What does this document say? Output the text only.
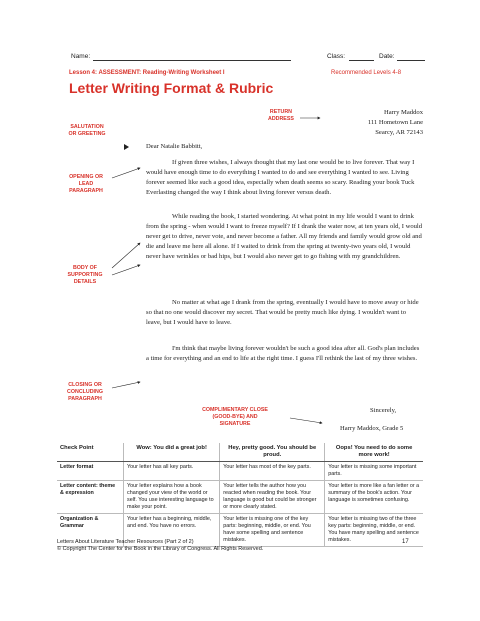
Name:	Class:	Date:
Lesson 4: ASSESSMENT: Reading-Writing Worksheet I	Recommended Levels 4-8
Letter Writing Format & Rubric
RETURN
ADDRESS
SALUTATION
OR GREETING
OPENING OR
LEAD
PARAGRAPH
BODY OF
SUPPORTING
DETAILS
CLOSING OR
CONCLUDING
PARAGRAPH
COMPLIMENTARY CLOSE
(GOOD-BYE) AND
SIGNATURE
Harry Maddox
111 Hometown Lane
Searcy, AR 72143
Dear Natalie Babbitt,

If given three wishes, I always thought that my last one would be to live forever. That way I would have enough time to do everything I wanted to do and see everything I wanted to see. Living forever seemed like such a good idea, especially when death seems so scary. Reading your book Tuck Everlasting changed the way I think about living forever versus death.

While reading the book, I started wondering. At what point in my life would I want to drink from the spring - when would I want to freeze myself? If I drank the water now, at ten years old, I would never get to drive, never vote, and never become a father. All my friends and family would grow old and die and leave me here all alone. If I waited to drink from the spring at twenty-two years old, I would never have wrinkles or bad hips, but I would also never get to go fishing with my grandchildren.

No matter at what age I drank from the spring, eventually I would have to move away or hide so that no one would discover my secret. That would be pretty much like dying. I wouldn't want to leave, but I would have to leave.

I'm think that maybe living forever wouldn't be such a good idea after all. God's plan includes a time for everything and an end to life at the right time. I guess I'll rethink the last of my three wishes.

Sincerely,
Harry Maddox, Grade 5
Check Point	Wow: You did a great job!	Hey, pretty good. You should be proud.	Oops! You need to do some more work!
Letter format	Your letter has all key parts.	Your letter has most of the key parts.	Your letter is missing some important parts.
Letter content: theme & expression	Your letter explains how a book changed your view of the world or self. You use interesting language to make your point.	Your letter tells the author how you reacted when reading the book. Your language is good but could be stronger or more clearly stated.	Your letter is more like a fan letter or a summary of the book's action. Your language is sometimes confusing.
Organization & Grammar	Your letter has a beginning, middle, and end. You have no errors.	Your letter is missing one of the key parts: beginning, middle, or end. You have some spelling and sentence mistakes.	Your letter is missing two of the three key parts: beginning, middle, or end. You have many spelling and sentence mistakes.
Letters About Literature Teacher Resources (Part 2 of 2)
© Copyright The Center for the Book in the Library of Congress. All Rights Reserved.
17
